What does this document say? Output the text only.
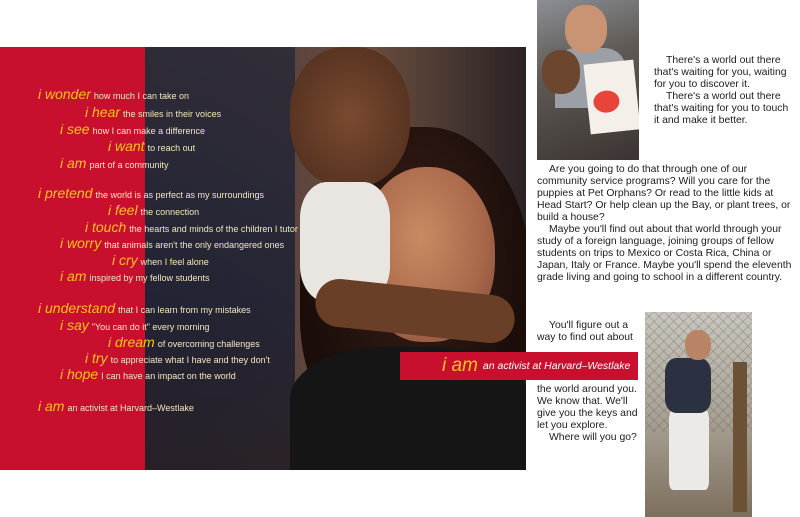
i wonder how much I can take on
i hear the smiles in their voices
i see how I can make a difference
i want to reach out
i am part of a community
i pretend the world is as perfect as my surroundings
i feel the connection
i touch the hearts and minds of the children I tutor
i worry that animals aren't the only endangered ones
i cry when I feel alone
i am inspired by my fellow students
i understand that I can learn from my mistakes
i say "You can do it" every morning
i dream of overcoming challenges
i try to appreciate what I have and they don't
i hope I can have an impact on the world
i am an activist at Harvard–Westlake

There's a world out there that's waiting for you, waiting for you to discover it.

There's a world out there that's waiting for you to touch it and make it better.

Are you going to do that through one of our community service programs? Will you care for the puppies at Pet Orphans? Or read to the little kids at Head Start? Or help clean up the Bay, or plant trees, or build a house?

Maybe you'll find out about that world through your study of a foreign language, joining groups of fellow students on trips to Mexico or Costa Rica, China or Japan, Italy or France. Maybe you'll spend the eleventh grade living and going to school in a different country.

You'll figure out a way to find out about

the world around you. We know that. We'll give you the keys and let you explore.

Where will you go?

i am an activist at Harvard–Westlake
